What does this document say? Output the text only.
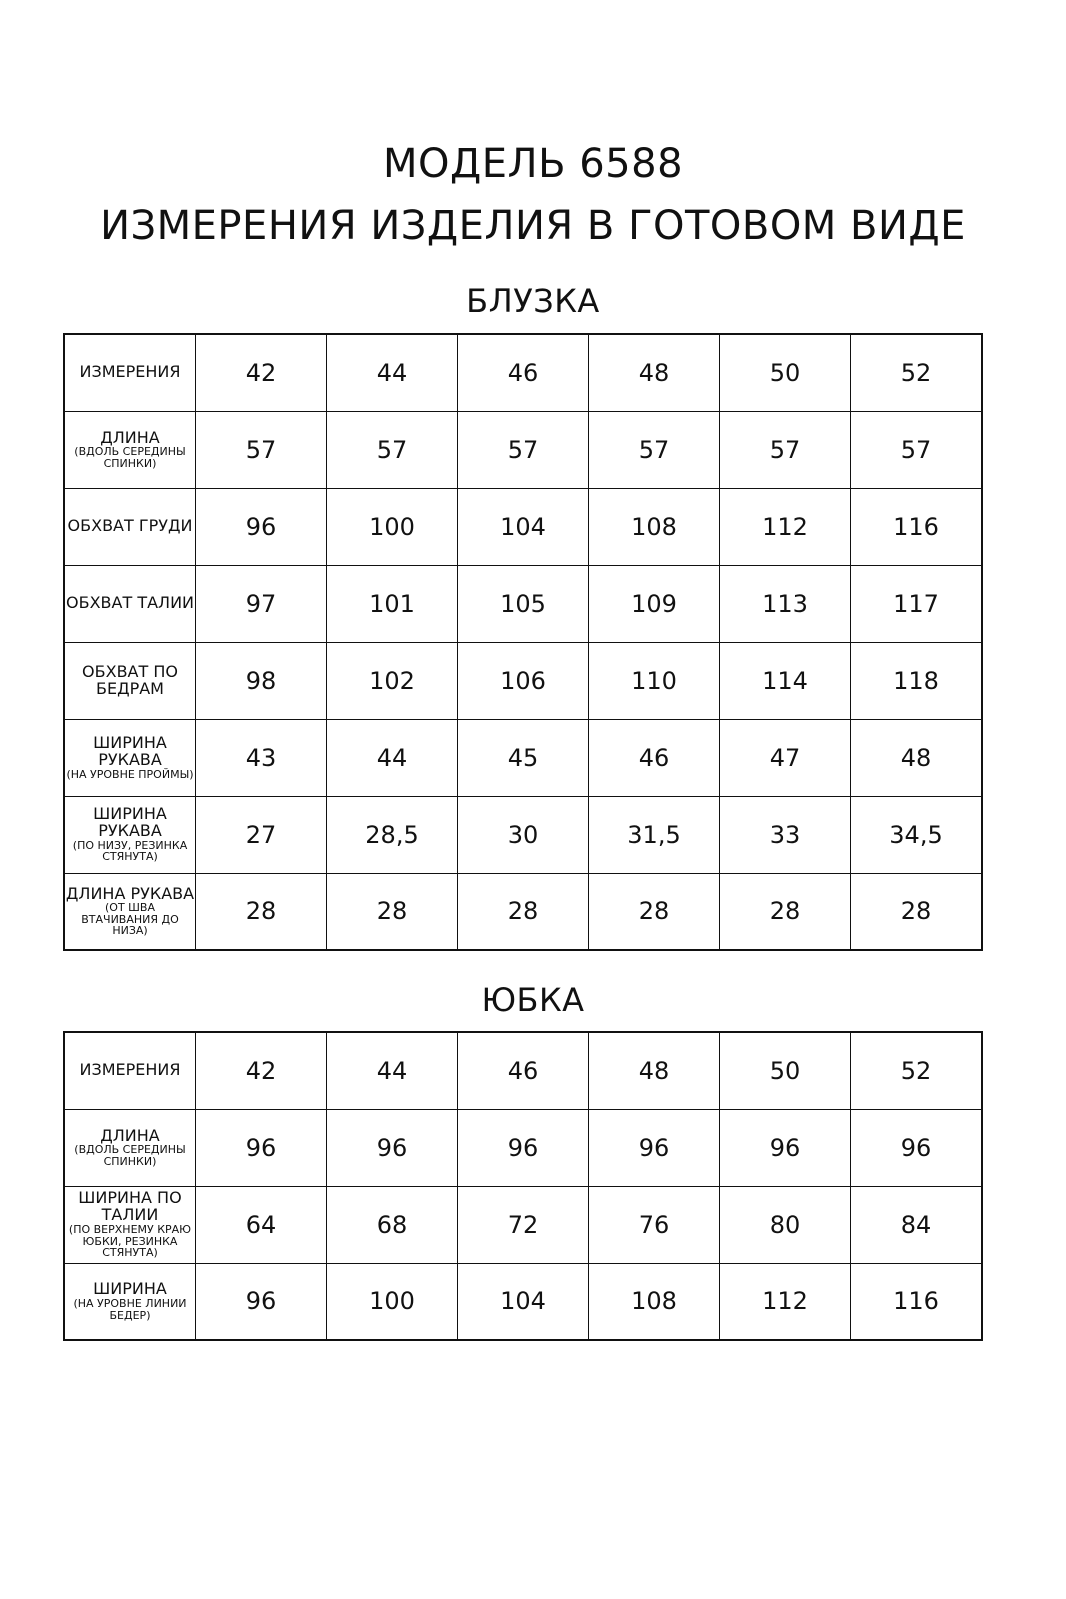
МОДЕЛЬ 6588
ИЗМЕРЕНИЯ ИЗДЕЛИЯ В ГОТОВОМ ВИДЕ
БЛУЗКА
ИЗМЕРЕНИЯ	42	44	46	48	50	52

ДЛИНА
(ВДОЛЬ СЕРЕДИНЫ СПИНКИ)	57	57	57	57	57	57

ОБХВАТ ГРУДИ	96	100	104	108	112	116

ОБХВАТ ТАЛИИ	97	101	105	109	113	117

ОБХВАТ ПО БЕДРАМ	98	102	106	110	114	118

ШИРИНА РУКАВА
(НА УРОВНЕ ПРОЙМЫ)	43	44	45	46	47	48

ШИРИНА РУКАВА
(ПО НИЗУ, РЕЗИНКА СТЯНУТА)	27	28,5	30	31,5	33	34,5

ДЛИНА РУКАВА
(ОТ ШВА ВТАЧИВАНИЯ ДО НИЗА)	28	28	28	28	28	28
ЮБКА
ИЗМЕРЕНИЯ	42	44	46	48	50	52

ДЛИНА
(ВДОЛЬ СЕРЕДИНЫ СПИНКИ)	96	96	96	96	96	96

ШИРИНА ПО ТАЛИИ
(ПО ВЕРХНЕМУ КРАЮ ЮБКИ, РЕЗИНКА СТЯНУТА)	64	68	72	76	80	84

ШИРИНА
(НА УРОВНЕ ЛИНИИ БЕДЕР)	96	100	104	108	112	116
